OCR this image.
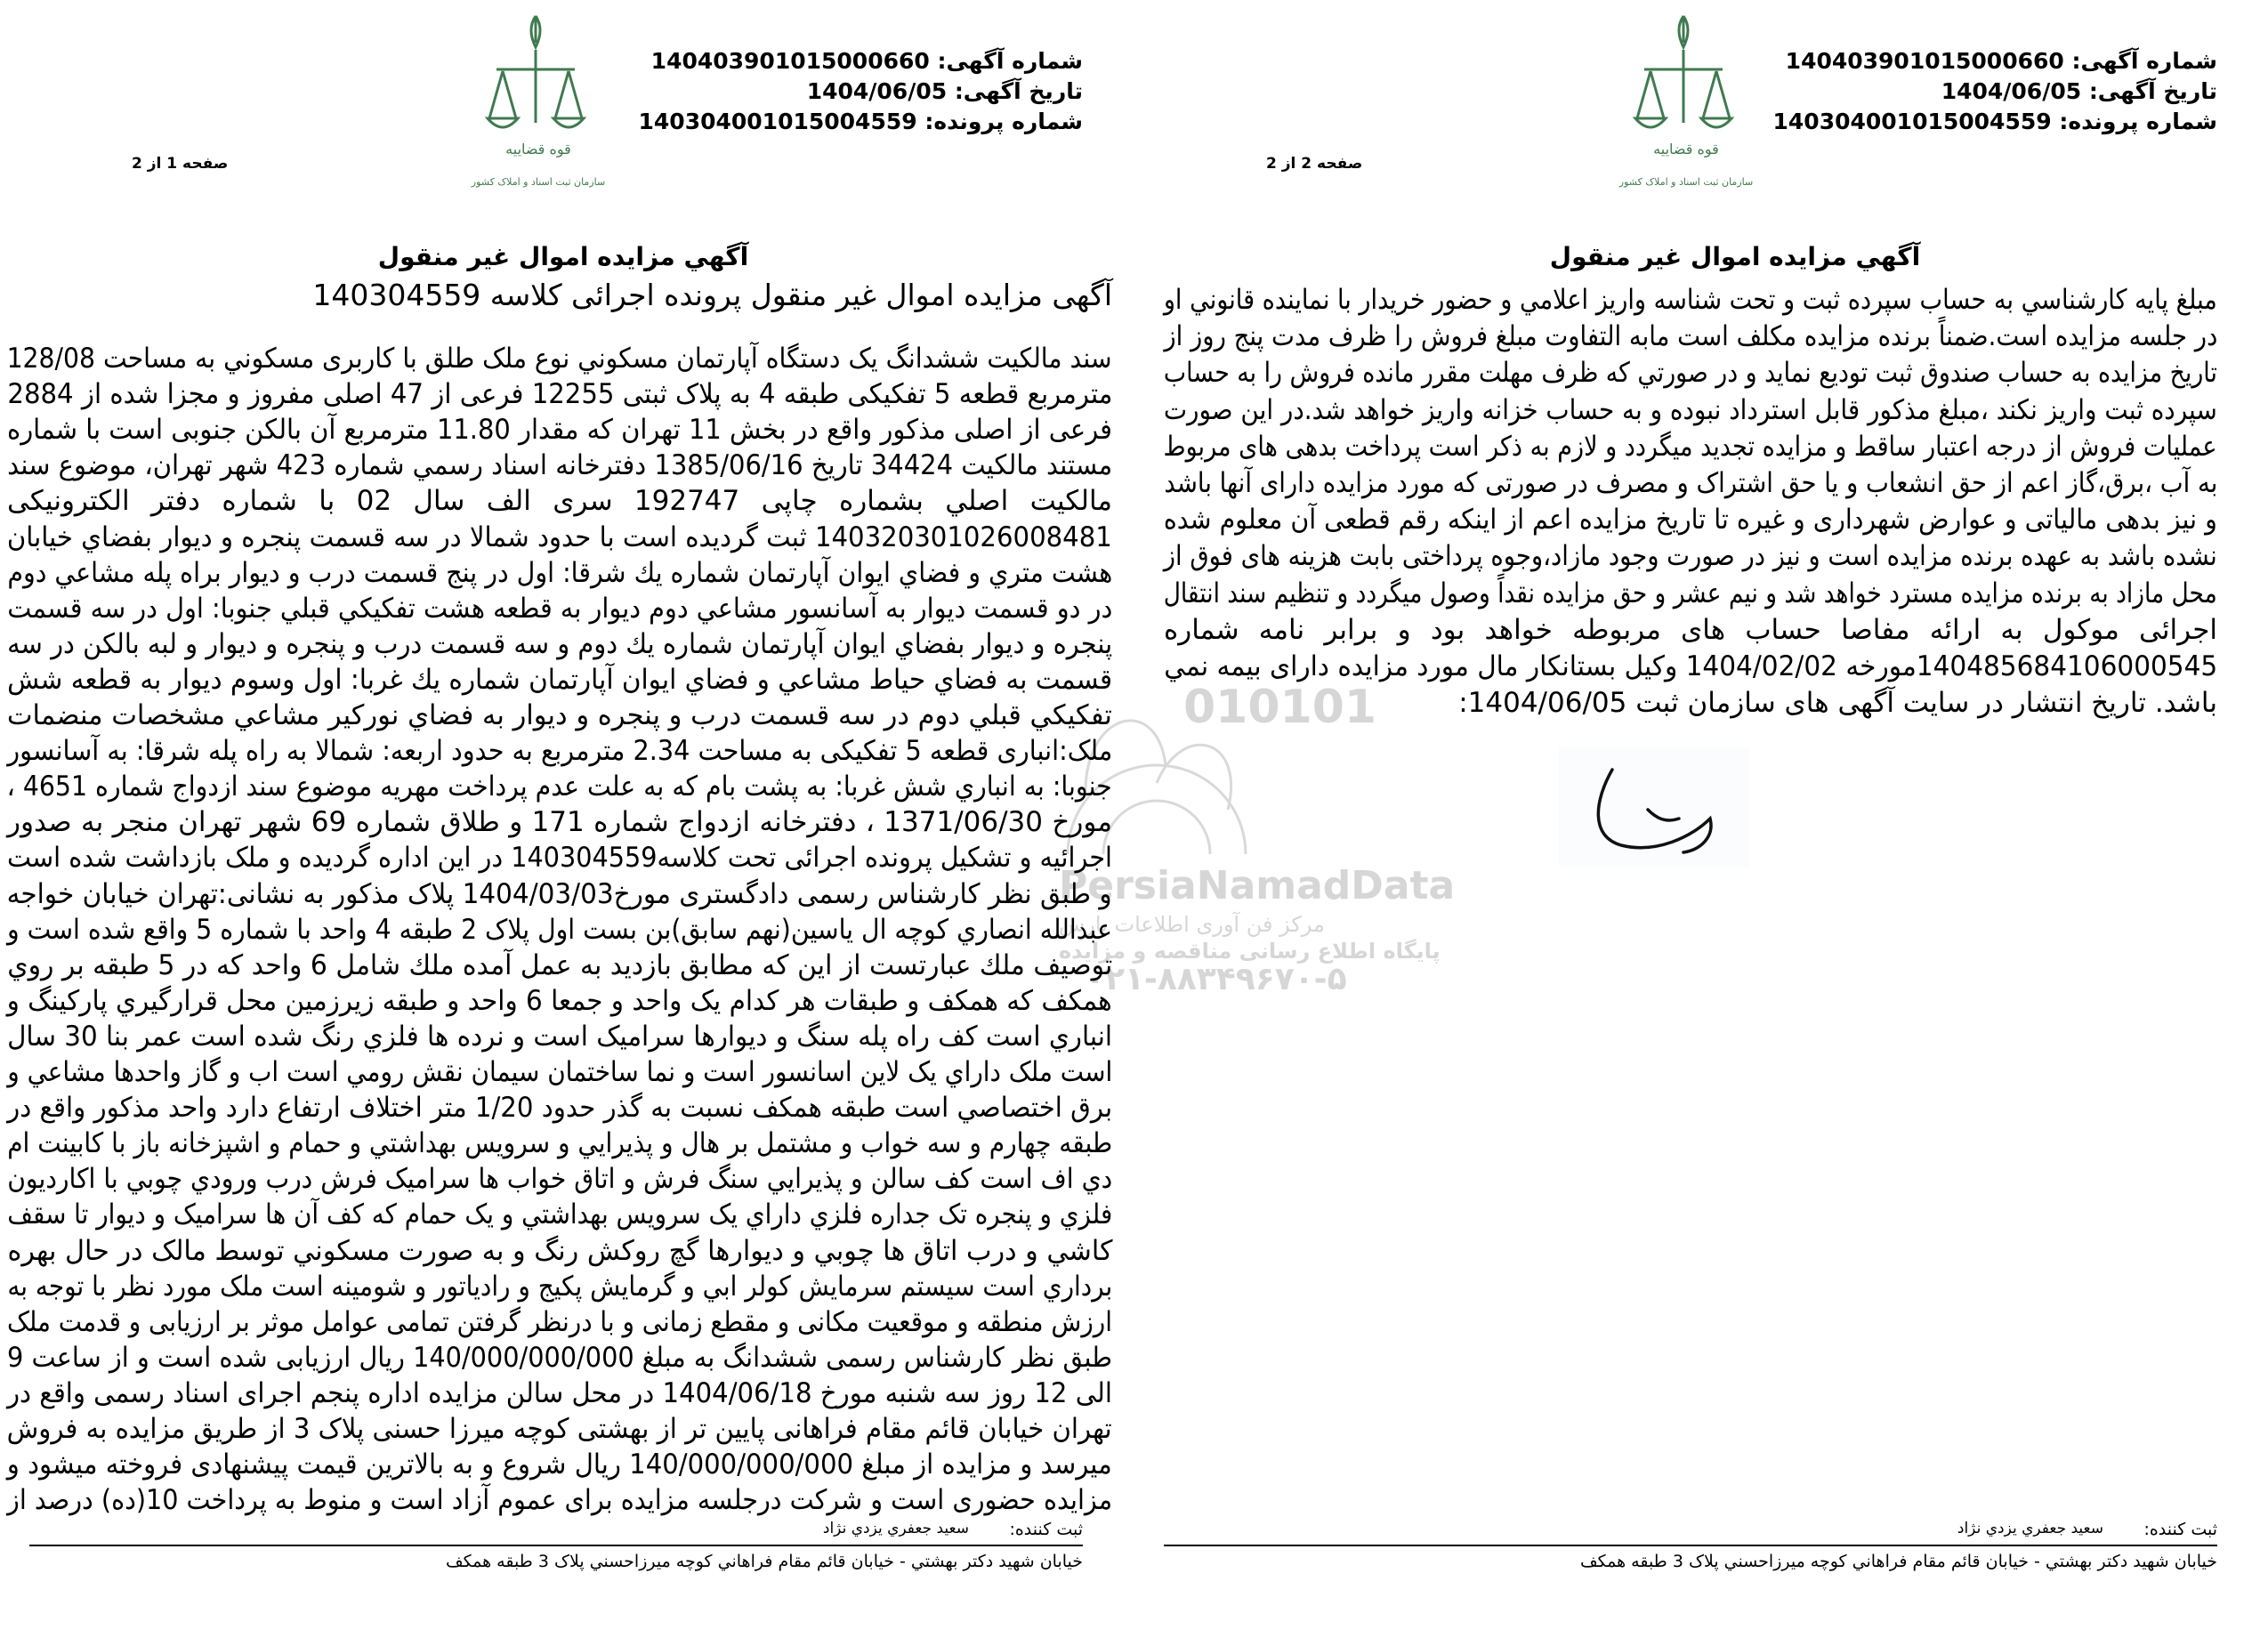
010101
PersiaNamadData
مرکز فن آوری اطلاعات پارس
پایگاه اطلاع رسانی مناقصه و مزایده
۰۲۱-۸۸۳۴۹۶۷۰-۵
شماره آگهی: 140403901015000660
تاریخ آگهی: 1404/06/05
شماره پرونده: 140304001015004559
قوه قضاییه
سازمان ثبت اسناد و املاک کشور
صفحه 1 از 2
آگهي مزايده اموال غير منقول
آگهی مزایده اموال غیر منقول پرونده اجرائی کلاسه 140304559
سند مالكيت ششدانگ یک دستگاه آپارتمان مسکوني نوع ملک طلق با کاربری مسکوني به مساحت 128/08
مترمربع قطعه 5 تفکیکی طبقه 4 به پلاک ثبتی 12255 فرعی از 47 اصلی مفروز و مجزا شده از 2884
فرعی از اصلی مذکور واقع در بخش 11 تهران که مقدار 11.80 مترمربع آن بالکن جنوبی است با شماره
مستند مالكيت 34424 تاریخ 1385/06/16 دفترخانه اسناد رسمي شماره 423 شهر تهران، موضوع سند
مالكيت اصلي بشماره چاپی 192747 سری الف سال 02 با شماره دفتر الکترونیکی
140320301026008481 ثبت گردیده است با حدود شمالا در سه قسمت پنجره و دیوار بفضاي خيابان
هشت متري و فضاي ايوان آپارتمان شماره يك شرقا: اول در پنج قسمت درب و ديوار براه پله مشاعي دوم
در دو قسمت ديوار به آسانسور مشاعي دوم ديوار به قطعه هشت تفكيكي قبلي جنوبا: اول در سه قسمت
پنجره و ديوار بفضاي ايوان آپارتمان شماره يك دوم و سه قسمت درب و پنجره و ديوار و لبه بالكن در سه
قسمت به فضاي حياط مشاعي و فضاي ايوان آپارتمان شماره يك غربا: اول وسوم ديوار به قطعه شش
تفكيكي قبلي دوم در سه قسمت درب و پنجره و ديوار به فضاي نوركير مشاعي مشخصات منضمات
ملک:انباری قطعه 5 تفکیکی به مساحت 2.34 مترمربع به حدود اربعه: شمالا به راه پله شرقا: به آسانسور
جنوبا: به انباري شش غربا: به پشت بام که به علت عدم پرداخت مهریه موضوع سند ازدواج شماره 4651 ،
مورخ 1371/06/30 ، دفترخانه ازدواج شماره 171 و طلاق شماره 69 شهر تهران منجر به صدور
اجرائیه و تشکیل پرونده اجرائی تحت کلاسه140304559 در این اداره گردیده و ملک بازداشت شده است
و طبق نظر کارشناس رسمی دادگستری مورخ1404/03/03 پلاک مذکور به نشانی:تهران خيابان خواجه
عبدالله انصاري كوچه ال ياسين(نهم سابق)بن بست اول پلاک 2 طبقه 4 واحد با شماره 5 واقع شده است و
توصيف ملك عبارتست از این كه مطابق بازديد به عمل آمده ملك شامل 6 واحد كه در 5 طبقه بر روي
همكف كه همكف و طبقات هر كدام یک واحد و جمعا 6 واحد و طبقه زيرزمين محل قرارگيري پاركينگ و
انباري است كف راه پله سنگ و ديوارها سراميک است و نرده ها فلزي رنگ شده است عمر بنا 30 سال
است ملک داراي یک لاين اسانسور است و نما ساختمان سيمان نقش رومي است اب و گاز واحدها مشاعي و
برق اختصاصي است طبقه همکف نسبت به گذر حدود 1/20 متر اختلاف ارتفاع دارد واحد مذکور واقع در
طبقه چهارم و سه خواب و مشتمل بر هال و پذيرايي و سرويس بهداشتي و حمام و اشپزخانه باز با کابينت ام
دي اف است کف سالن و پذيرايي سنگ فرش و اتاق خواب ها سراميک فرش درب ورودي چوبي با اکارديون
فلزي و پنجره تک جداره فلزي داراي یک سرويس بهداشتي و یک حمام که کف آن ها سراميک و ديوار تا سقف
کاشي و درب اتاق ها چوبي و ديوارها گچ روکش رنگ و به صورت مسکوني توسط مالک در حال بهره
برداري است سيستم سرمايش کولر ابي و گرمايش پکيج و رادياتور و شومينه است ملک مورد نظر با توجه به
ارزش منطقه و موقعيت مکانی و مقطع زمانی و با درنظر گرفتن تمامی عوامل موثر بر ارزیابی و قدمت ملک
طبق نظر کارشناس رسمی ششدانگ به مبلغ 140/000/000/000 ریال ارزیابی شده است و از ساعت 9
الی 12 روز سه شنبه مورخ 1404/06/18 در محل سالن مزایده اداره پنجم اجرای اسناد رسمی واقع در
تهران خیابان قائم مقام فراهانی پایین تر از بهشتی کوچه میرزا حسنی پلاک 3 از طریق مزایده به فروش
میرسد و مزایده از مبلغ 140/000/000/000 ریال شروع و به بالاترین قیمت پیشنهادی فروخته میشود و
مزایده حضوری است و شرکت درجلسه مزایده برای عموم آزاد است و منوط به پرداخت 10(ده) درصد از
ثبت کننده:
سعيد جعفري يزدي نژاد
خيابان شهيد دكتر بهشتي - خيابان قائم مقام فراهاني كوچه ميرزاحسني پلاک 3 طبقه همكف
شماره آگهی: 140403901015000660
تاریخ آگهی: 1404/06/05
شماره پرونده: 140304001015004559
قوه قضاییه
سازمان ثبت اسناد و املاک کشور
صفحه 2 از 2
آگهي مزايده اموال غير منقول
مبلغ پايه كارشناسي به حساب سپرده ثبت و تحت شناسه واريز اعلامي و حضور خريدار با نماينده قانوني او
در جلسه مزایده است.ضمناً برنده مزایده مکلف است مابه التفاوت مبلغ فروش را ظرف مدت پنج روز از
تاریخ مزایده به حساب صندوق ثبت توديع نمايد و در صورتي كه ظرف مهلت مقرر مانده فروش را به حساب
سپرده ثبت واريز نكند ،مبلغ مذكور قابل استرداد نبوده و به حساب خزانه واريز خواهد شد.در این صورت
عملیات فروش از درجه اعتبار ساقط و مزایده تجدید میگردد و لازم به ذکر است پرداخت بدهی های مربوط
به آب ،برق،گاز اعم از حق انشعاب و یا حق اشتراک و مصرف در صورتی که مورد مزایده دارای آنها باشد
و نیز بدهی مالیاتی و عوارض شهرداری و غیره تا تاریخ مزایده اعم از اینکه رقم قطعی آن معلوم شده
نشده باشد به عهده برنده مزایده است و نیز در صورت وجود مازاد،وجوه پرداختی بابت هزینه های فوق از
محل مازاد به برنده مزایده مسترد خواهد شد و نیم عشر و حق مزایده نقداً وصول میگردد و تنظیم سند انتقال
اجرائی موکول به ارائه مفاصا حساب های مربوطه خواهد بود و برابر نامه شماره
140485684106000545مورخه 1404/02/02 وكيل بستانكار مال مورد مزایده دارای بیمه نمي
باشد. تاريخ انتشار در سايت آگهی های سازمان ثبت 1404/06/05:
ثبت کننده:
سعيد جعفري يزدي نژاد
خيابان شهيد دكتر بهشتي - خيابان قائم مقام فراهاني كوچه ميرزاحسني پلاک 3 طبقه همكف
